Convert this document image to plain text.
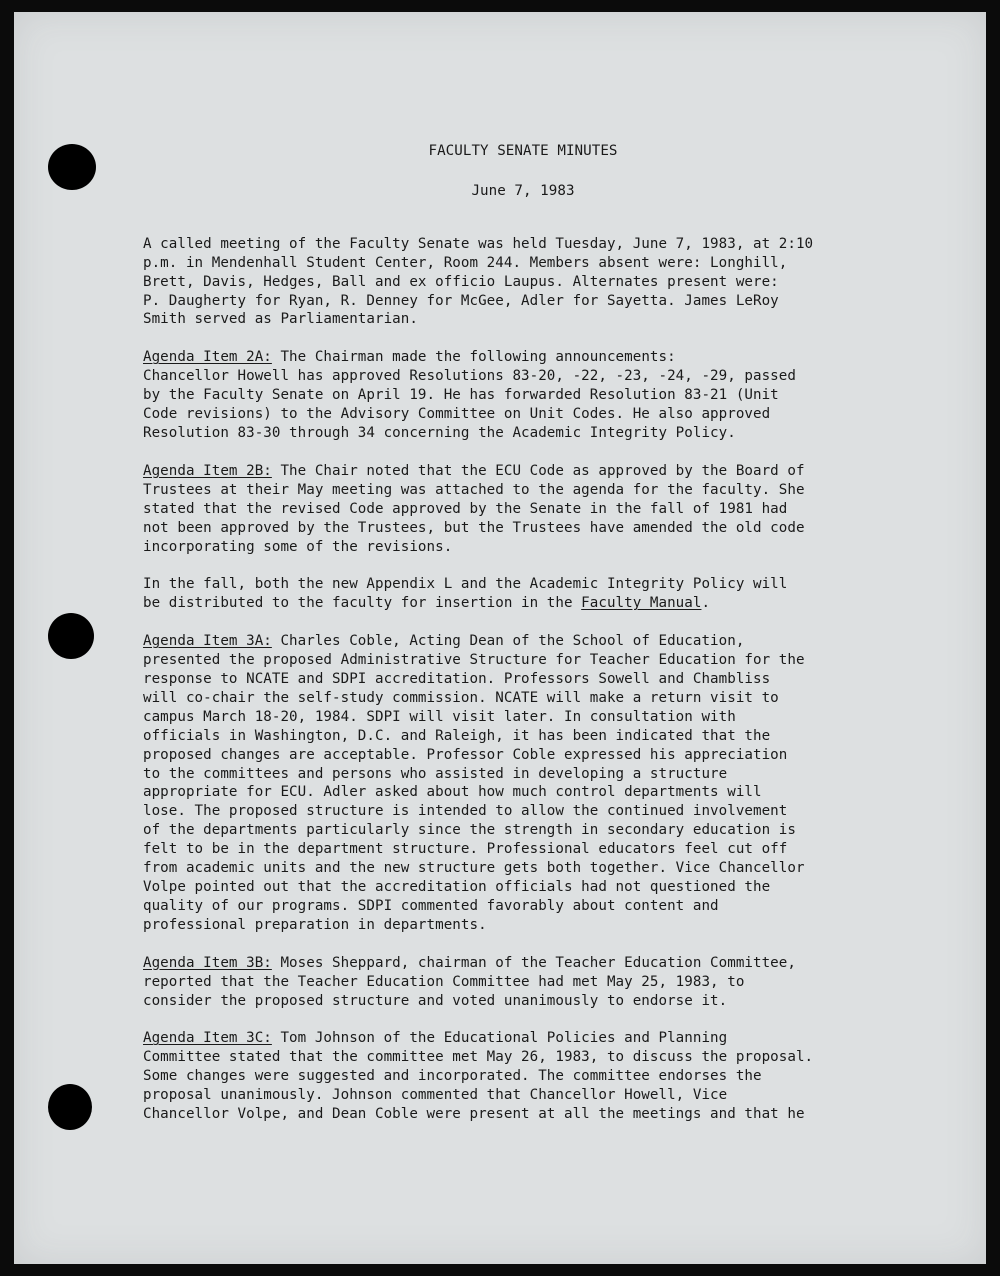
FACULTY SENATE MINUTES
June 7, 1983
A called meeting of the Faculty Senate was held Tuesday, June 7, 1983, at 2:10
p.m. in Mendenhall Student Center, Room 244. Members absent were: Longhill,
Brett, Davis, Hedges, Ball and ex officio Laupus. Alternates present were:
P. Daugherty for Ryan, R. Denney for McGee, Adler for Sayetta. James LeRoy
Smith served as Parliamentarian.
Agenda Item 2A: The Chairman made the following announcements:
Chancellor Howell has approved Resolutions 83-20, -22, -23, -24, -29, passed
by the Faculty Senate on April 19. He has forwarded Resolution 83-21 (Unit
Code revisions) to the Advisory Committee on Unit Codes. He also approved
Resolution 83-30 through 34 concerning the Academic Integrity Policy.
Agenda Item 2B: The Chair noted that the ECU Code as approved by the Board of
Trustees at their May meeting was attached to the agenda for the faculty. She
stated that the revised Code approved by the Senate in the fall of 1981 had
not been approved by the Trustees, but the Trustees have amended the old code
incorporating some of the revisions.
In the fall, both the new Appendix L and the Academic Integrity Policy will
be distributed to the faculty for insertion in the Faculty Manual.
Agenda Item 3A: Charles Coble, Acting Dean of the School of Education,
presented the proposed Administrative Structure for Teacher Education for the
response to NCATE and SDPI accreditation. Professors Sowell and Chambliss
will co-chair the self-study commission. NCATE will make a return visit to
campus March 18-20, 1984. SDPI will visit later. In consultation with
officials in Washington, D.C. and Raleigh, it has been indicated that the
proposed changes are acceptable. Professor Coble expressed his appreciation
to the committees and persons who assisted in developing a structure
appropriate for ECU. Adler asked about how much control departments will
lose. The proposed structure is intended to allow the continued involvement
of the departments particularly since the strength in secondary education is
felt to be in the department structure. Professional educators feel cut off
from academic units and the new structure gets both together. Vice Chancellor
Volpe pointed out that the accreditation officials had not questioned the
quality of our programs. SDPI commented favorably about content and
professional preparation in departments.
Agenda Item 3B: Moses Sheppard, chairman of the Teacher Education Committee,
reported that the Teacher Education Committee had met May 25, 1983, to
consider the proposed structure and voted unanimously to endorse it.
Agenda Item 3C: Tom Johnson of the Educational Policies and Planning
Committee stated that the committee met May 26, 1983, to discuss the proposal.
Some changes were suggested and incorporated. The committee endorses the
proposal unanimously. Johnson commented that Chancellor Howell, Vice
Chancellor Volpe, and Dean Coble were present at all the meetings and that he
